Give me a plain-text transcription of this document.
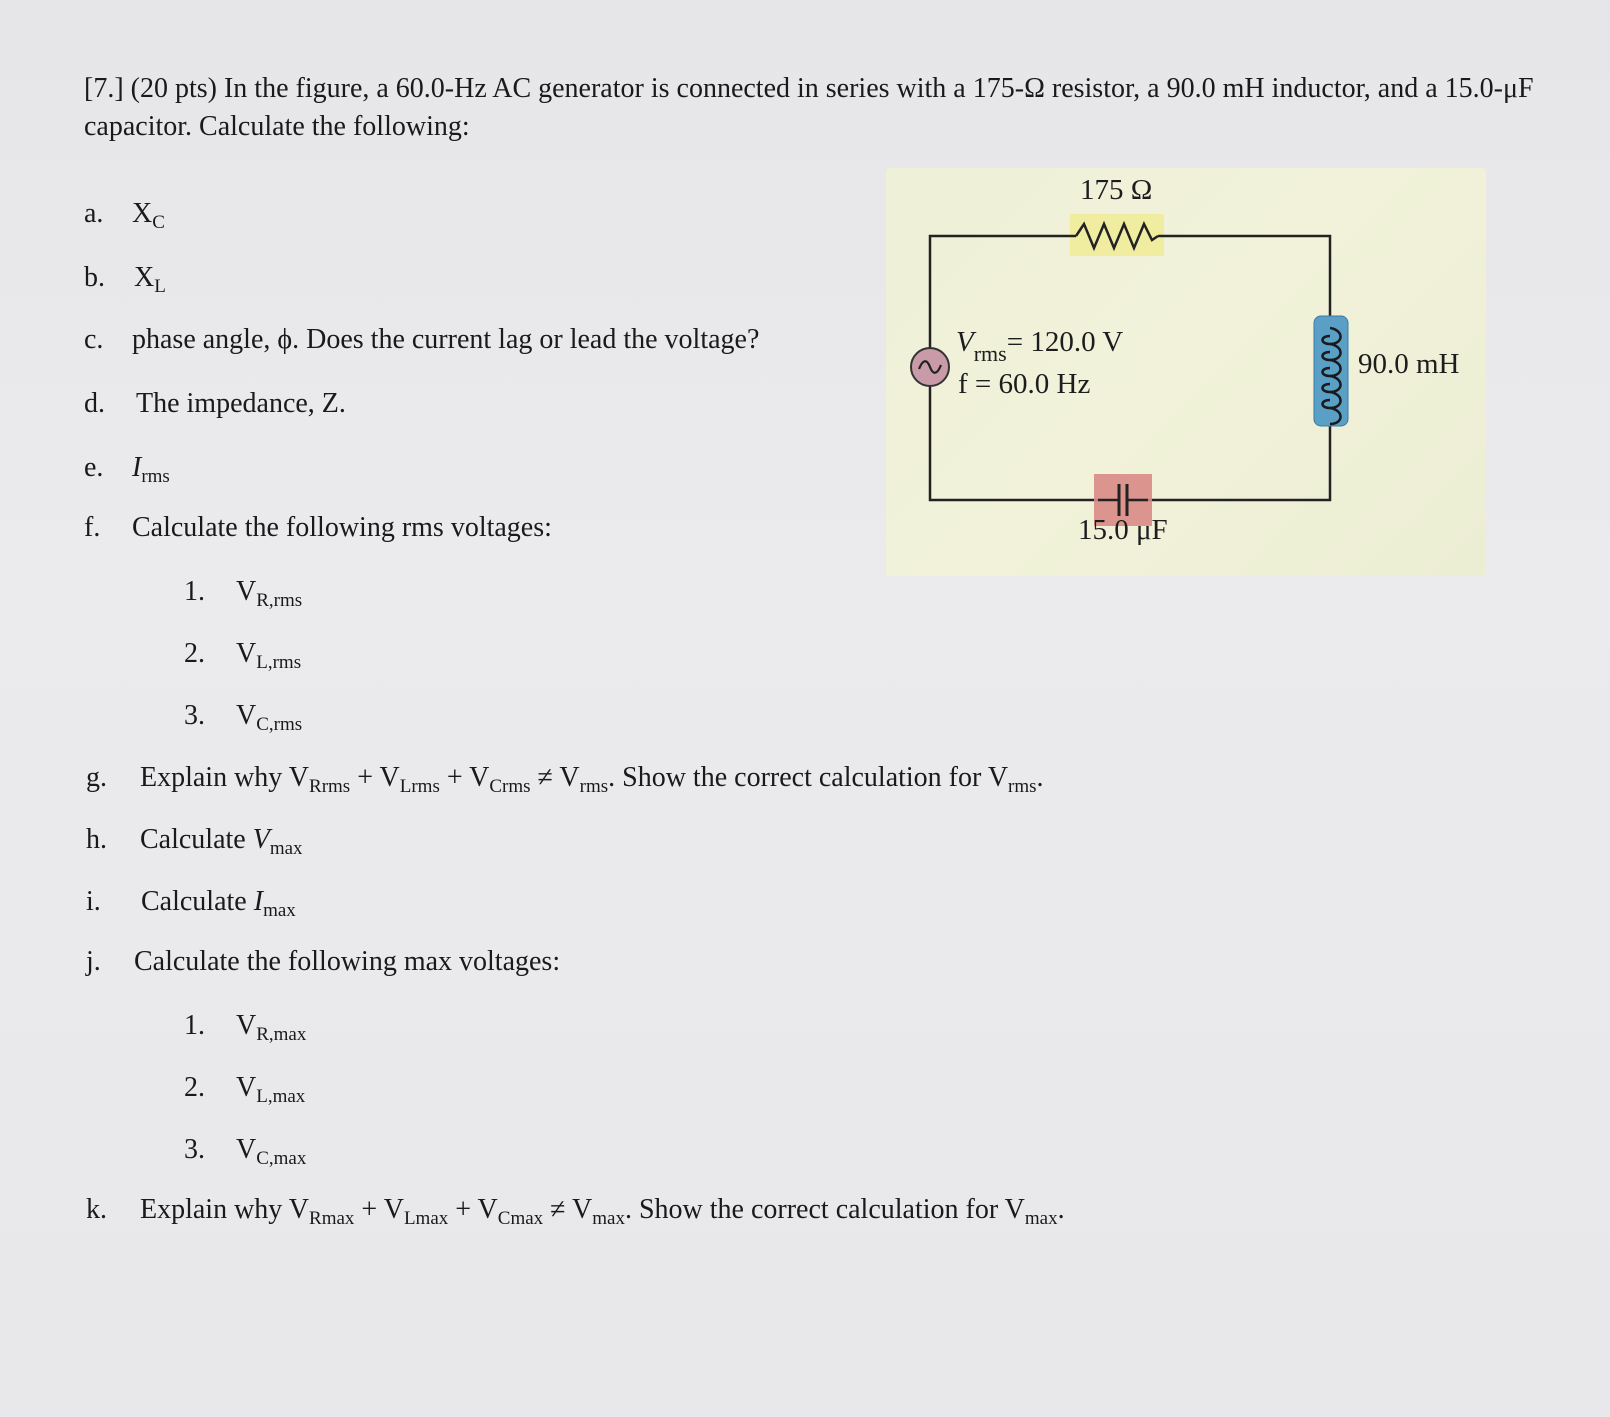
[7.] (20 pts) In the figure, a 60.0-Hz AC generator is connected in series with a 175-Ω resistor, a 90.0 mH inductor, and a 15.0-μF capacitor. Calculate the following:
a. $X_C$
b. $X_L$
c. phase angle, ϕ. Does the current lag or lead the voltage?
d. The impedance, Z.
e. $I_{rms}$
f. Calculate the following rms voltages:
1. $V_{R,rms}$
2. $V_{L,rms}$
3. $V_{C,rms}$
g. Explain why $V_{Rrms} + V_{Lrms} + V_{Crms} \ne V_{rms}$. Show the correct calculation for $V_{rms}$.
h. Calculate $V_{max}$
i. Calculate $I_{max}$
j. Calculate the following max voltages:
1. $V_{R,max}$
2. $V_{L,max}$
3. $V_{C,max}$
k. Explain why $V_{Rmax} + V_{Lmax} + V_{Cmax} \ne V_{max}$. Show the correct calculation for $V_{max}$.
175 Ω
$V_{rms}= 120.0$ V
f = 60.0 Hz
90.0 mH
15.0 μF
